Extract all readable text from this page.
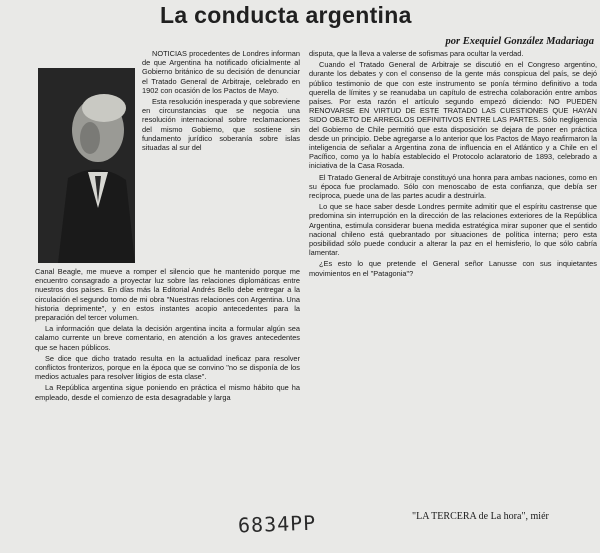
La conducta argentina
por Exequiel González Madariaga

NOTICIAS procedentes de Londres informan de que Argentina ha notificado oficialmente al Gobierno británico de su decisión de denunciar el Tratado General de Arbitraje, celebrado en 1902 con ocasión de los Pactos de Mayo.

Esta resolución inesperada y que sobreviene en circunstancias que se negocia una resolución internacional sobre reclamaciones del mismo Gobierno, que sostiene sin fundamento jurídico soberanía sobre islas situadas al sur del

Canal Beagle, me mueve a romper el silencio que he mantenido porque me encuentro consagrado a proyectar luz sobre las relaciones diplomáticas entre nuestros dos países. En días más la Editorial Andrés Bello debe entregar a la circulación el segundo tomo de mi obra "Nuestras relaciones con Argentina. Una historia deprimente", y en estos instantes acopio antecedentes para la preparación del tercer volumen.

La información que delata la decisión argentina incita a formular algún sea calamo currente un breve comentario, en atención a los graves antecedentes que se hacen públicos.

Se dice que dicho tratado resulta en la actualidad ineficaz para resolver conflictos fronterizos, porque en la época que se convino "no se disponía de los medios actuales para resolver litigios de esta clase".

La República argentina sigue poniendo en práctica el mismo hábito que ha empleado, desde el comienzo de esta desagradable y larga

disputa, que la lleva a valerse de sofismas para ocultar la verdad.

Cuando el Tratado General de Arbitraje se discutió en el Congreso argentino, durante los debates y con el consenso de la gente más conspicua del país, se dejó público testimonio de que con este instrumento se ponía término definitivo a toda querella de límites y se reanudaba un capítulo de estrecha colaboración entre ambos países. Por esta razón el artículo segundo empezó diciendo: NO PUEDEN RENOVARSE EN VIRTUD DE ESTE TRATADO LAS CUESTIONES QUE HAYAN SIDO OBJETO DE ARREGLOS DEFINITIVOS ENTRE LAS PARTES. Sólo negligencia del Gobierno de Chile permitió que esta disposición se dejara de poner en práctica desde un principio. Debe agregarse a lo anterior que los Pactos de Mayo reafirmaron la inteligencia de señalar a Argentina zona de influencia en el Atlántico y a Chile en el Pacífico, como ya lo había establecido el Protocolo aclaratorio de 1893, celebrado a iniciativa de la Casa Rosada.

El Tratado General de Arbitraje constituyó una honra para ambas naciones, como en su época fue proclamado. Sólo con menoscabo de esta confianza, que debía ser recíproca, puede una de las partes acudir a destruirla.

Lo que se hace saber desde Londres permite admitir que el espíritu castrense que predomina sin interrupción en la dirección de las relaciones exteriores de la República Argentina, estimula considerar buena medida estratégica mirar suponer que el sentido nacional chileno está quebrantado por situaciones de política interna; pero esta posibilidad sólo puede conducir a alterar la paz en el hemisferio, lo que sólo cabría lamentar.

¿Es esto lo que pretende el General señor Lanusse con sus inquietantes movimientos en el "Patagonia"?

6834PP	"LA TERCERA de La hora", miér
